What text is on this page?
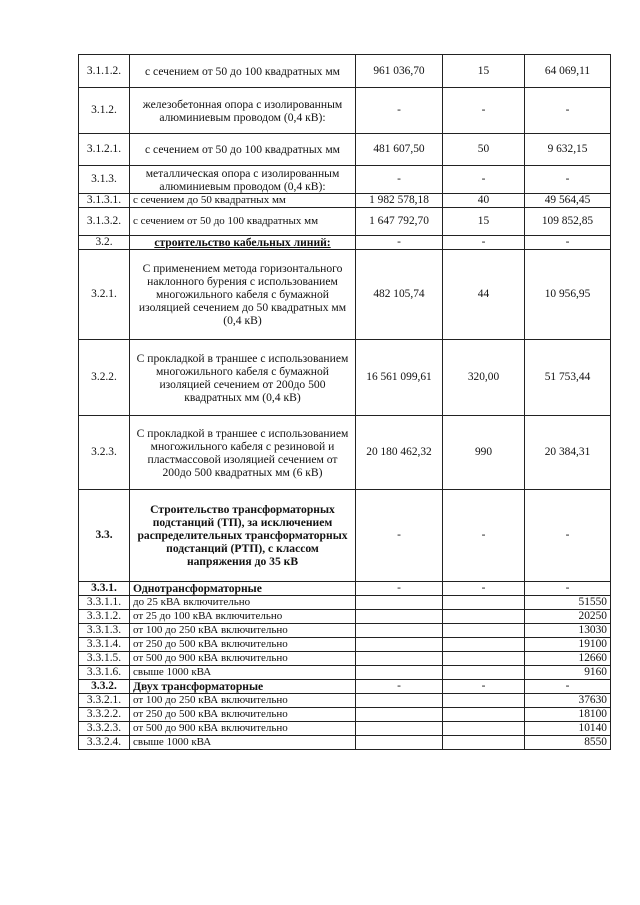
3.1.1.2.	с сечением от 50 до 100 квадратных мм	961 036,70	15	64 069,11
3.1.2.	железобетонная опора с изолированным алюминиевым проводом (0,4 кВ):	-	-	-
3.1.2.1.	с сечением от 50 до 100 квадратных мм	481 607,50	50	9 632,15
3.1.3.	металлическая опора с изолированным алюминиевым проводом (0,4 кВ):	-	-	-
3.1.3.1.	с сечением до 50 квадратных мм	1 982 578,18	40	49 564,45
3.1.3.2.	с сечением от 50 до 100 квадратных мм	1 647 792,70	15	109 852,85
3.2.	строительство кабельных линий:	-	-	-
3.2.1.	С применением метода горизонтального наклонного бурения с использованием многожильного кабеля с бумажной изоляцией сечением до 50 квадратных мм (0,4 кВ)	482 105,74	44	10 956,95
3.2.2.	С прокладкой в траншее с использованием многожильного кабеля с бумажной изоляцией сечением от 200до 500 квадратных мм (0,4 кВ)	16 561 099,61	320,00	51 753,44
3.2.3.	С прокладкой в траншее с использованием многожильного кабеля с резиновой и пластмассовой изоляцией сечением от 200до 500 квадратных мм (6 кВ)	20 180 462,32	990	20 384,31
3.3.	Строительство трансформаторных подстанций (ТП), за исключением распределительных трансформаторных подстанций (РТП), с классом напряжения до 35 кВ	-	-	-
3.3.1.	Однотрансформаторные	-	-	-
3.3.1.1.	до 25 кВА включительно			51550
3.3.1.2.	от 25 до 100 кВА включительно			20250
3.3.1.3.	от 100 до 250 кВА включительно			13030
3.3.1.4.	от 250 до 500 кВА включительно			19100
3.3.1.5.	от 500 до 900 кВА включительно			12660
3.3.1.6.	свыше 1000 кВА			9160
3.3.2.	Двух трансформаторные	-	-	-
3.3.2.1.	от 100 до 250 кВА включительно			37630
3.3.2.2.	от 250 до 500 кВА включительно			18100
3.3.2.3.	от 500 до 900 кВА включительно			10140
3.3.2.4.	свыше 1000 кВА			8550
